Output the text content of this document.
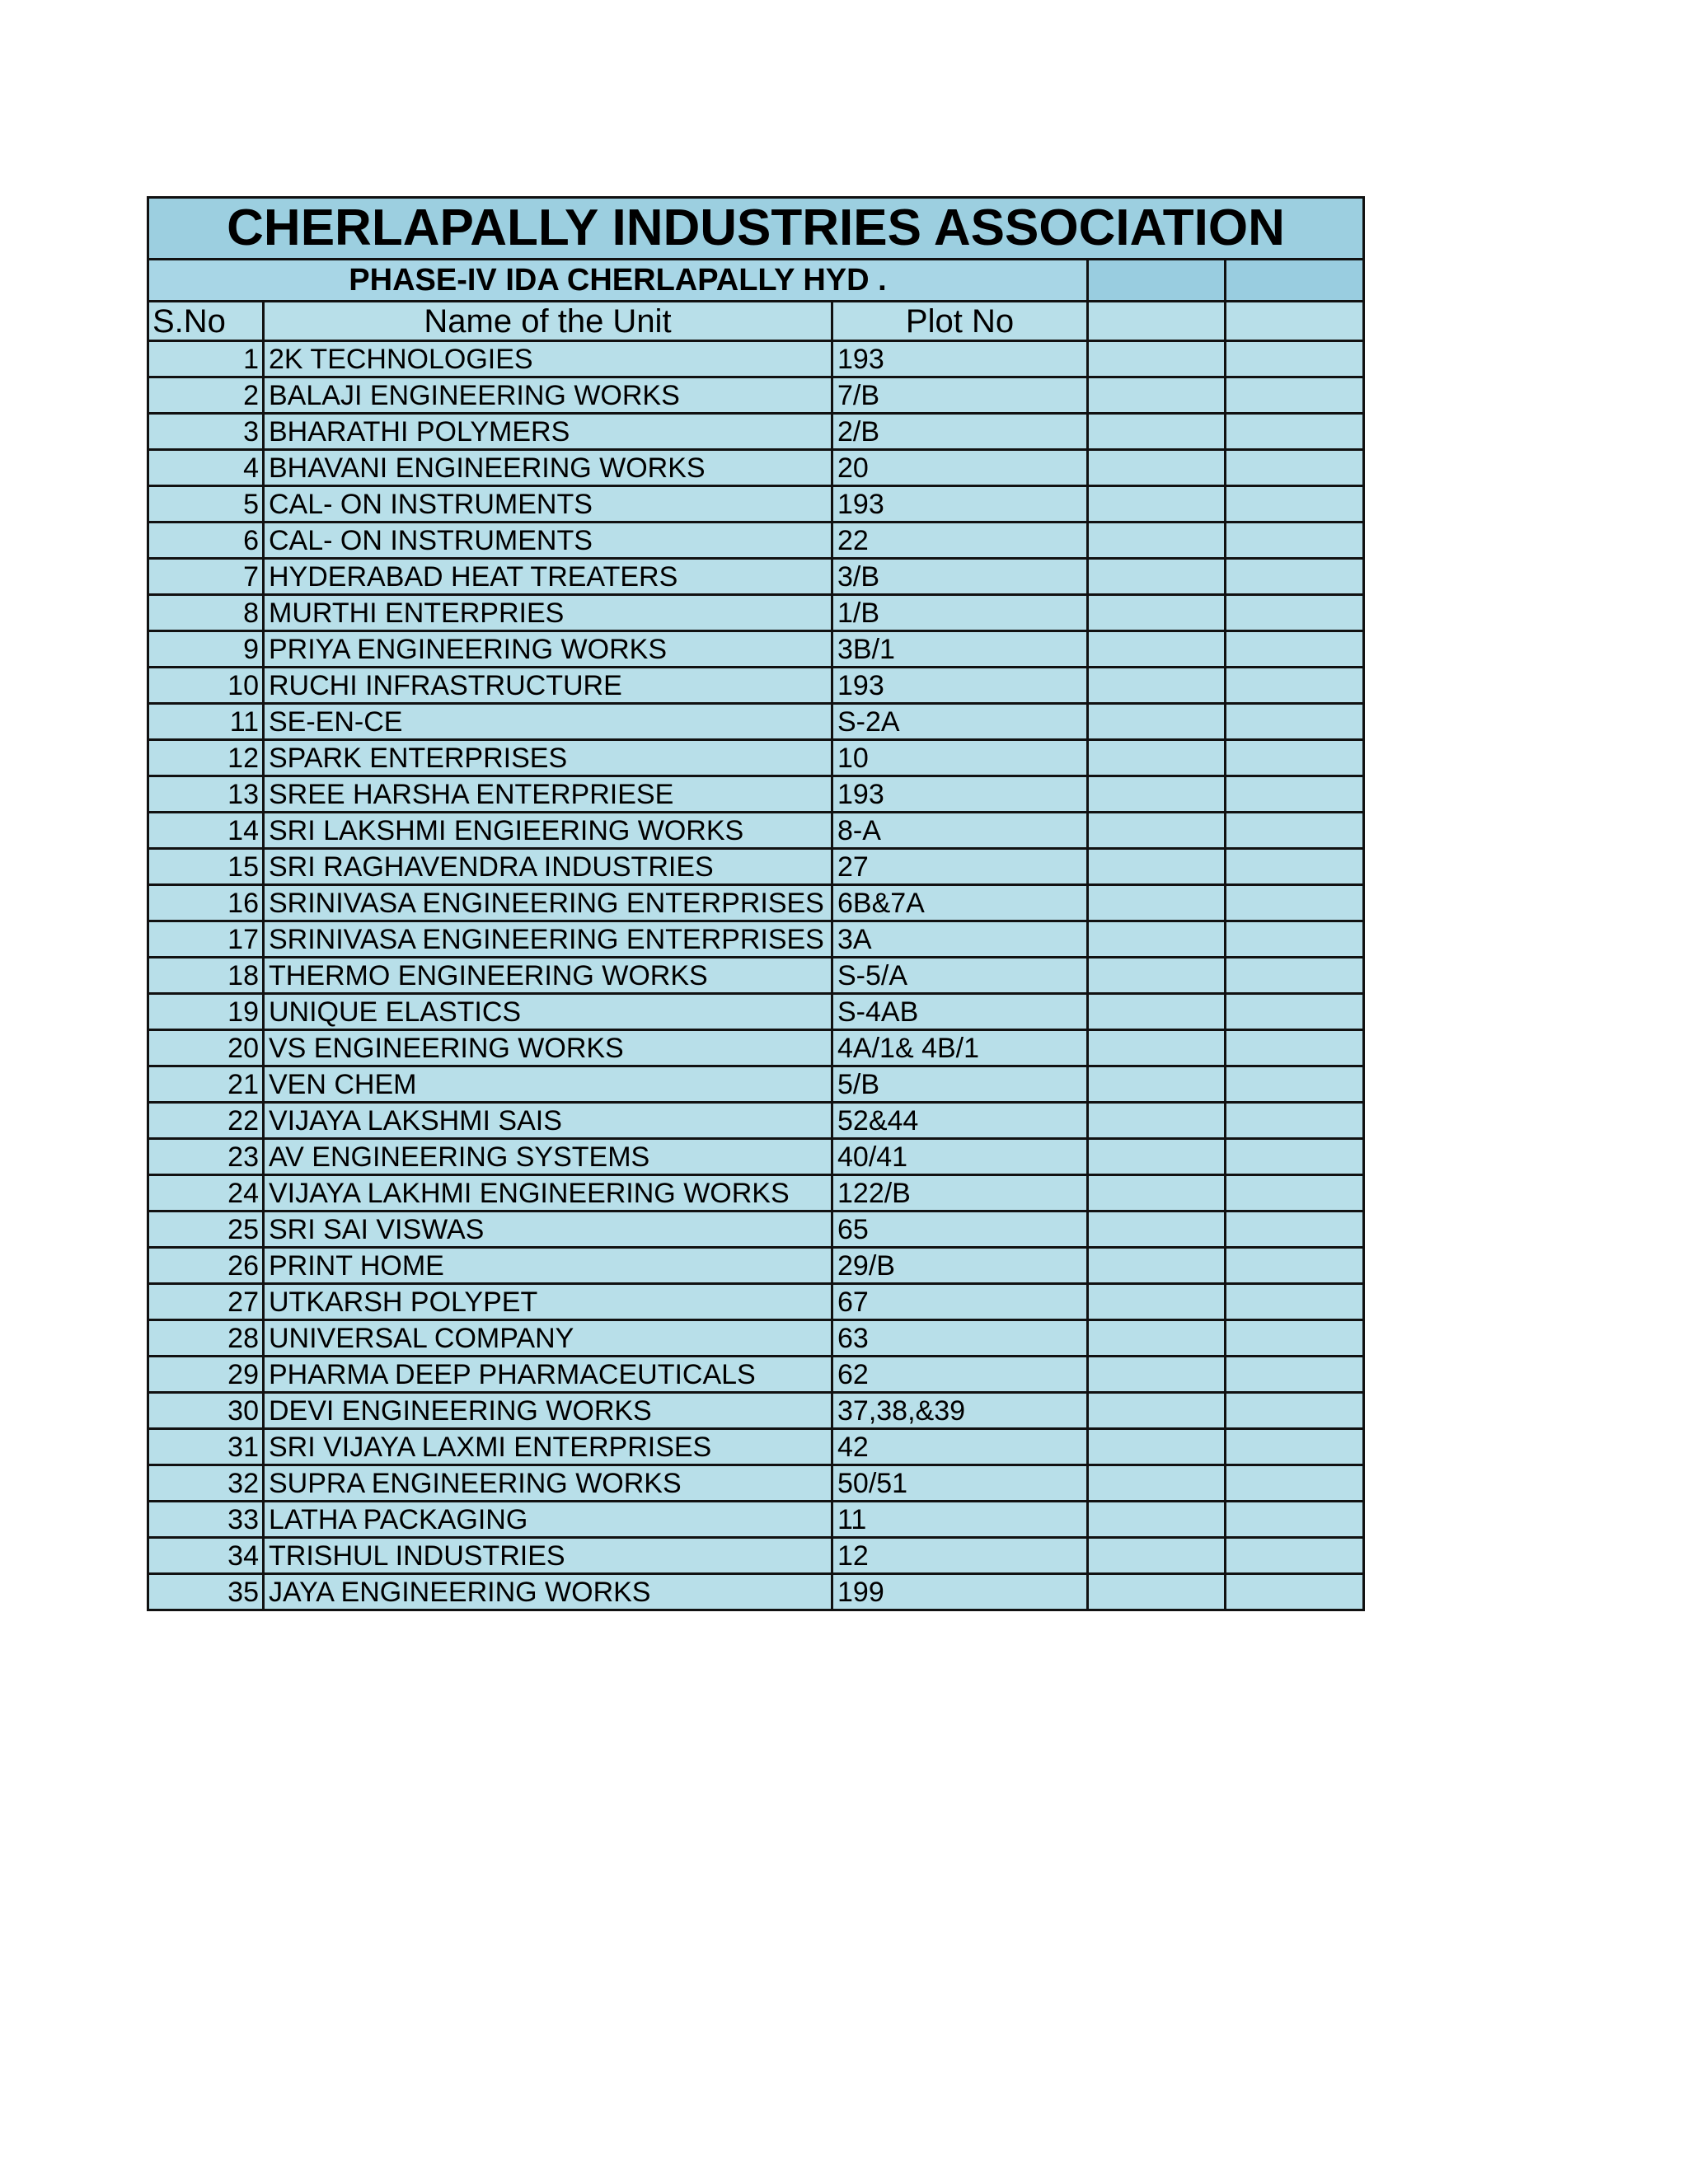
CHERLAPALLY INDUSTRIES ASSOCIATION				
PHASE-IV IDA CHERLAPALLY HYD .				
S.No	Name of the Unit	Plot No		
1	2K TECHNOLOGIES	193		
2	BALAJI ENGINEERING WORKS	7/B		
3	BHARATHI POLYMERS	2/B		
4	BHAVANI ENGINEERING WORKS	20		
5	CAL- ON INSTRUMENTS	193		
6	CAL- ON INSTRUMENTS	22		
7	HYDERABAD HEAT TREATERS	3/B		
8	MURTHI ENTERPRIES	1/B		
9	PRIYA ENGINEERING WORKS	3B/1		
10	RUCHI INFRASTRUCTURE	193		
11	SE-EN-CE	S-2A		
12	SPARK ENTERPRISES	10		
13	SREE HARSHA ENTERPRIESE	193		
14	SRI LAKSHMI ENGIEERING WORKS	8-A		
15	SRI RAGHAVENDRA INDUSTRIES	27		
16	SRINIVASA ENGINEERING ENTERPRISES	6B&7A		
17	SRINIVASA ENGINEERING ENTERPRISES	3A		
18	THERMO ENGINEERING WORKS	S-5/A		
19	UNIQUE ELASTICS	S-4AB		
20	VS ENGINEERING WORKS	4A/1& 4B/1		
21	VEN CHEM	5/B		
22	VIJAYA LAKSHMI SAIS	52&44		
23	AV ENGINEERING SYSTEMS	40/41		
24	VIJAYA LAKHMI ENGINEERING WORKS	122/B		
25	SRI SAI VISWAS	65		
26	PRINT HOME	29/B		
27	UTKARSH POLYPET	67		
28	UNIVERSAL COMPANY	63		
29	PHARMA DEEP PHARMACEUTICALS	62		
30	DEVI ENGINEERING WORKS	37,38,&39		
31	SRI VIJAYA LAXMI ENTERPRISES	42		
32	SUPRA ENGINEERING WORKS	50/51		
33	LATHA PACKAGING	11		
34	TRISHUL INDUSTRIES	12		
35	JAYA ENGINEERING WORKS	199		
